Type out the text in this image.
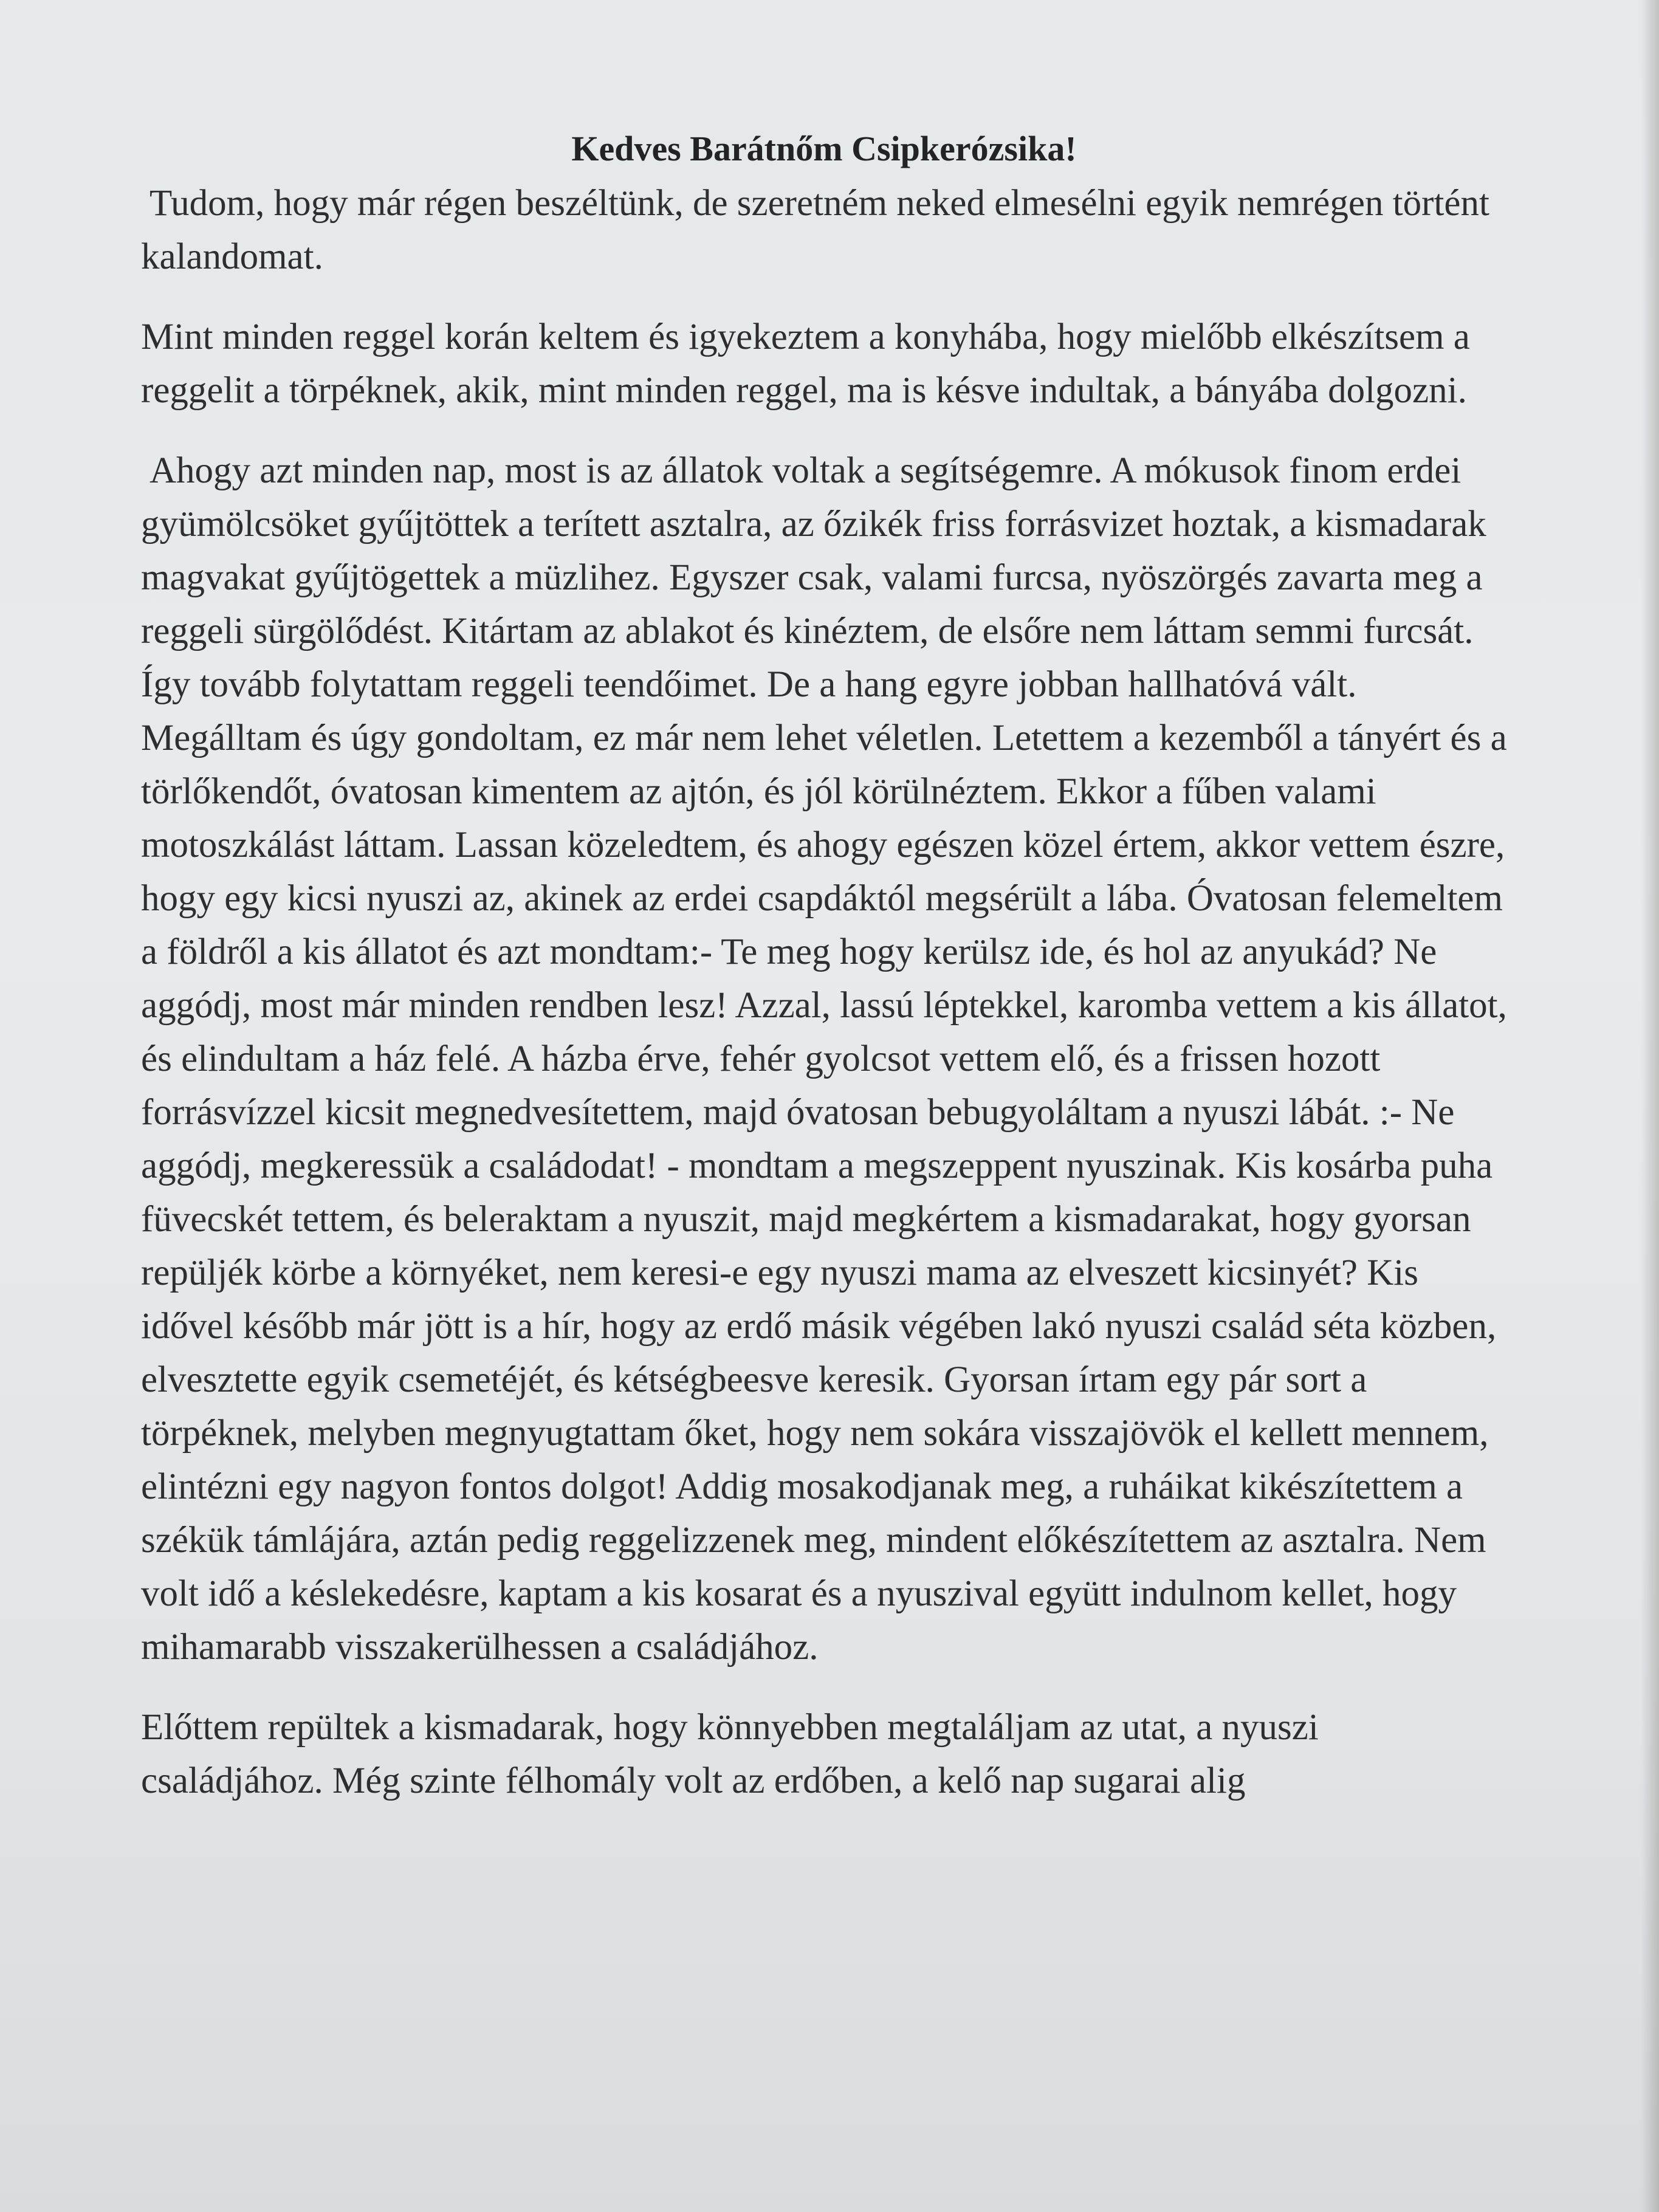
Kedves Barátnőm Csipkerózsika!

Tudom, hogy már régen beszéltünk, de szeretném neked elmesélni egyik nemrégen történt kalandomat.

Mint minden reggel korán keltem és igyekeztem a konyhába, hogy mielőbb elkészítsem a reggelit a törpéknek, akik, mint minden reggel, ma is késve indultak, a bányába dolgozni.

Ahogy azt minden nap, most is az állatok voltak a segítségemre. A mókusok finom erdei gyümölcsöket gyűjtöttek a terített asztalra, az őzikék friss forrásvizet hoztak, a kismadarak magvakat gyűjtögettek a müzlihez. Egyszer csak, valami furcsa, nyöszörgés zavarta meg a reggeli sürgölődést. Kitártam az ablakot és kinéztem, de elsőre nem láttam semmi furcsát. Így tovább folytattam reggeli teendőimet. De a hang egyre jobban hallhatóvá vált. Megálltam és úgy gondoltam, ez már nem lehet véletlen. Letettem a kezemből a tányért és a törlőkendőt, óvatosan kimentem az ajtón, és jól körülnéztem. Ekkor a fűben valami motoszkálást láttam. Lassan közeledtem, és ahogy egészen közel értem, akkor vettem észre, hogy egy kicsi nyuszi az, akinek az erdei csapdáktól megsérült a lába. Óvatosan felemeltem a földről a kis állatot és azt mondtam:- Te meg hogy kerülsz ide, és hol az anyukád? Ne aggódj, most már minden rendben lesz! Azzal, lassú léptekkel, karomba vettem a kis állatot, és elindultam a ház felé. A házba érve, fehér gyolcsot vettem elő, és a frissen hozott forrásvízzel kicsit megnedvesítettem, majd óvatosan bebugyoláltam a nyuszi lábát. :- Ne aggódj, megkeressük a családodat! - mondtam a megszeppent nyuszinak. Kis kosárba puha füvecskét tettem, és beleraktam a nyuszit, majd megkértem a kismadarakat, hogy gyorsan repüljék körbe a környéket, nem keresi-e egy nyuszi mama az elveszett kicsinyét? Kis idővel később már jött is a hír, hogy az erdő másik végében lakó nyuszi család séta közben, elvesztette egyik csemetéjét, és kétségbeesve keresik. Gyorsan írtam egy pár sort a törpéknek, melyben megnyugtattam őket, hogy nem sokára visszajövök el kellett mennem, elintézni egy nagyon fontos dolgot! Addig mosakodjanak meg, a ruháikat kikészítettem a székük támlájára, aztán pedig reggelizzenek meg, mindent előkészítettem az asztalra. Nem volt idő a késlekedésre, kaptam a kis kosarat és a nyuszival együtt indulnom kellet, hogy mihamarabb visszakerülhessen a családjához.

Előttem repültek a kismadarak, hogy könnyebben megtaláljam az utat, a nyuszi családjához. Még szinte félhomály volt az erdőben, a kelő nap sugarai alig
